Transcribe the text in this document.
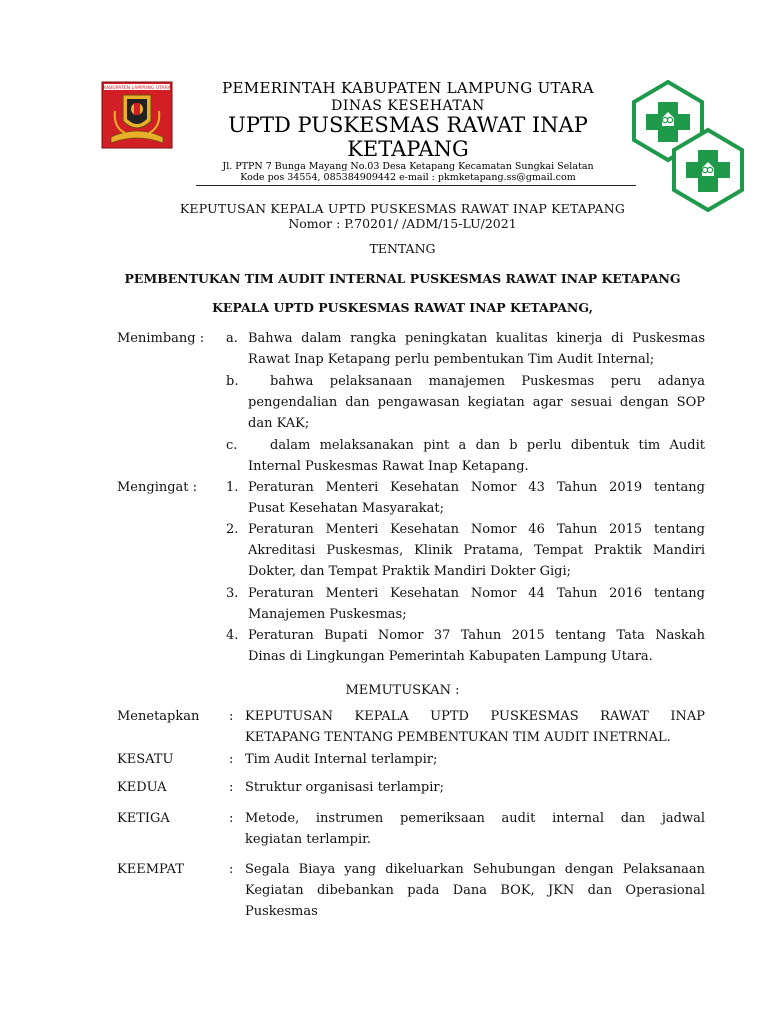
KABUPATEN LAMPUNG UTARA	PEMERINTAH KABUPATEN LAMPUNG UTARA
DINAS KESEHATAN
UPTD PUSKESMAS RAWAT INAP
KETAPANG
Jl. PTPN 7 Bunga Mayang No.03 Desa Ketapang Kecamatan Sungkai Selatan
Kode pos 34554, 085384909442 e-mail : pkmketapang.ss@gmail.com
KEPUTUSAN KEPALA UPTD PUSKESMAS RAWAT INAP KETAPANG
Nomor : P.70201/ /ADM/15-LU/2021
TENTANG
PEMBENTUKAN TIM AUDIT INTERNAL PUSKESMAS RAWAT INAP KETAPANG
KEPALA UPTD PUSKESMAS RAWAT INAP KETAPANG,
Menimbang : a. Bahwa dalam rangka peningkatan kualitas kinerja di Puskesmas
Rawat Inap Ketapang perlu pembentukan Tim Audit Internal;
b. bahwa pelaksanaan manajemen Puskesmas peru adanya
pengendalian dan pengawasan kegiatan agar sesuai dengan SOP
dan KAK;
c.	dalam melaksanakan pint a dan b perlu dibentuk tim Audit
Internal Puskesmas Rawat Inap Ketapang.
Mengingat : 1. Peraturan Menteri Kesehatan Nomor 43 Tahun 2019 tentang
Pusat Kesehatan Masyarakat;
2. Peraturan Menteri Kesehatan Nomor 46 Tahun 2015 tentang
Akreditasi Puskesmas, Klinik Pratama, Tempat Praktik Mandiri
Dokter, dan Tempat Praktik Mandiri Dokter Gigi;
3. Peraturan Menteri Kesehatan Nomor 44 Tahun 2016 tentang
Manajemen Puskesmas;
4. Peraturan Bupati Nomor 37 Tahun 2015 tentang Tata Naskah
Dinas di Lingkungan Pemerintah Kabupaten Lampung Utara.
MEMUTUSKAN :
Menetapkan : KEPUTUSAN KEPALA UPTD PUSKESMAS RAWAT INAP
KETAPANG TENTANG PEMBENTUKAN TIM AUDIT INETRNAL.
KESATU	: Tim Audit Internal terlampir;
KEDUA	: Struktur organisasi terlampir;
KETIGA	: Metode, instrumen pemeriksaan audit internal dan jadwal
kegiatan terlampir.
KEEMPAT	: Segala Biaya yang dikeluarkan Sehubungan dengan Pelaksanaan
Kegiatan dibebankan pada Dana BOK, JKN dan Operasional
Puskesmas
